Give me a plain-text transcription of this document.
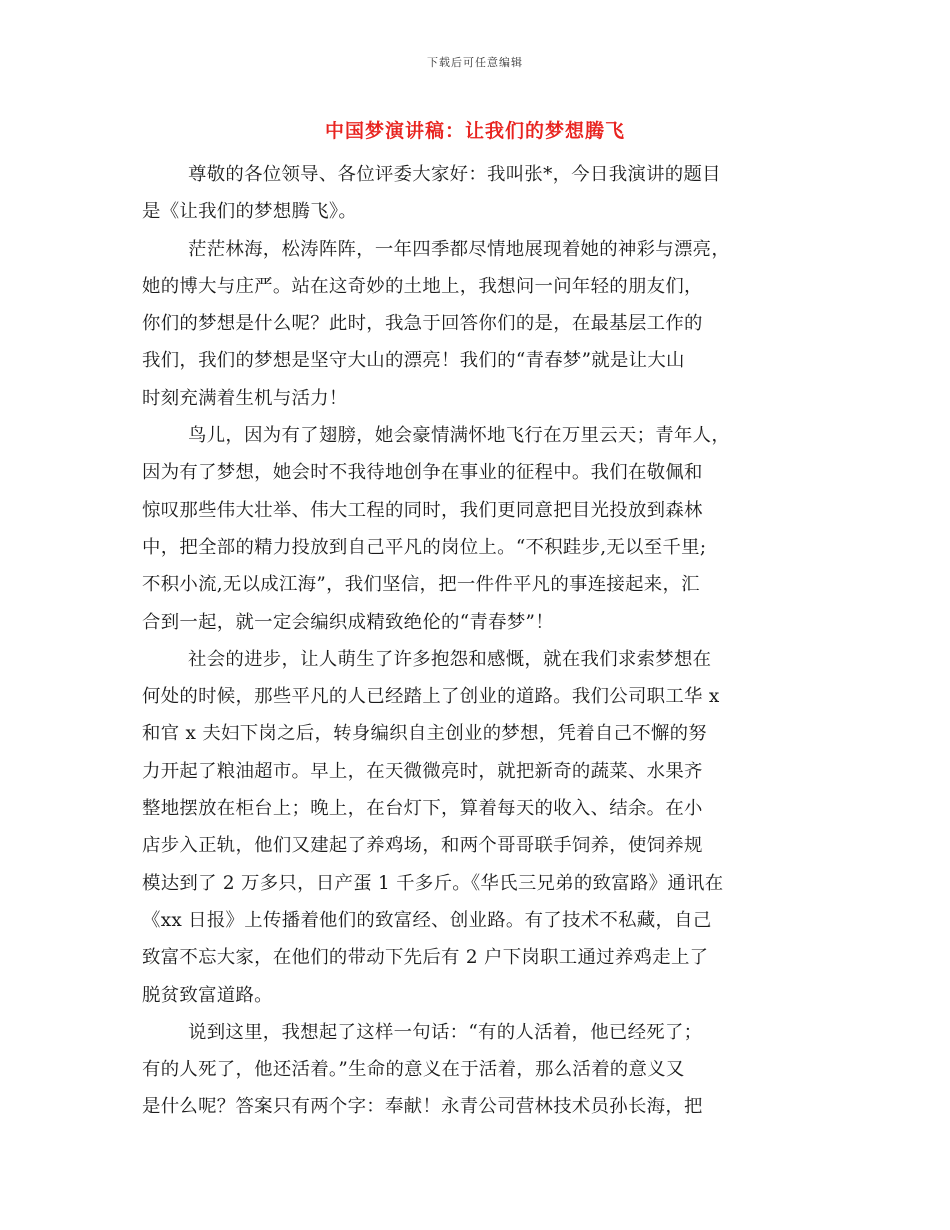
下载后可任意编辑
中国梦演讲稿：让我们的梦想腾飞
尊敬的各位领导、各位评委大家好：我叫张*，今日我演讲的题目
是《让我们的梦想腾飞》。
茫茫林海，松涛阵阵，一年四季都尽情地展现着她的神彩与漂亮，
她的博大与庄严。站在这奇妙的土地上，我想问一问年轻的朋友们，
你们的梦想是什么呢？此时，我急于回答你们的是，在最基层工作的
我们，我们的梦想是坚守大山的漂亮！我们的“青春梦”就是让大山
时刻充满着生机与活力！
鸟儿，因为有了翅膀，她会豪情满怀地飞行在万里云天；青年人，
因为有了梦想，她会时不我待地创争在事业的征程中。我们在敬佩和
惊叹那些伟大壮举、伟大工程的同时，我们更同意把目光投放到森林
中，把全部的精力投放到自己平凡的岗位上。“不积跬步,无以至千里;
不积小流,无以成江海”，我们坚信，把一件件平凡的事连接起来，汇
合到一起，就一定会编织成精致绝伦的“青春梦”！
社会的进步，让人萌生了许多抱怨和感慨，就在我们求索梦想在
何处的时候，那些平凡的人已经踏上了创业的道路。我们公司职工华 x
和官 x 夫妇下岗之后，转身编织自主创业的梦想，凭着自己不懈的努
力开起了粮油超市。早上，在天微微亮时，就把新奇的蔬菜、水果齐
整地摆放在柜台上；晚上，在台灯下，算着每天的收入、结余。在小
店步入正轨，他们又建起了养鸡场，和两个哥哥联手饲养，使饲养规
模达到了 2 万多只，日产蛋 1 千多斤。《华氏三兄弟的致富路》通讯在
《xx 日报》上传播着他们的致富经、创业路。有了技术不私藏，自己
致富不忘大家，在他们的带动下先后有 2 户下岗职工通过养鸡走上了
脱贫致富道路。
说到这里，我想起了这样一句话：“有的人活着，他已经死了；
有的人死了，他还活着。”生命的意义在于活着，那么活着的意义又
是什么呢？答案只有两个字：奉献！永青公司营林技术员孙长海，把
